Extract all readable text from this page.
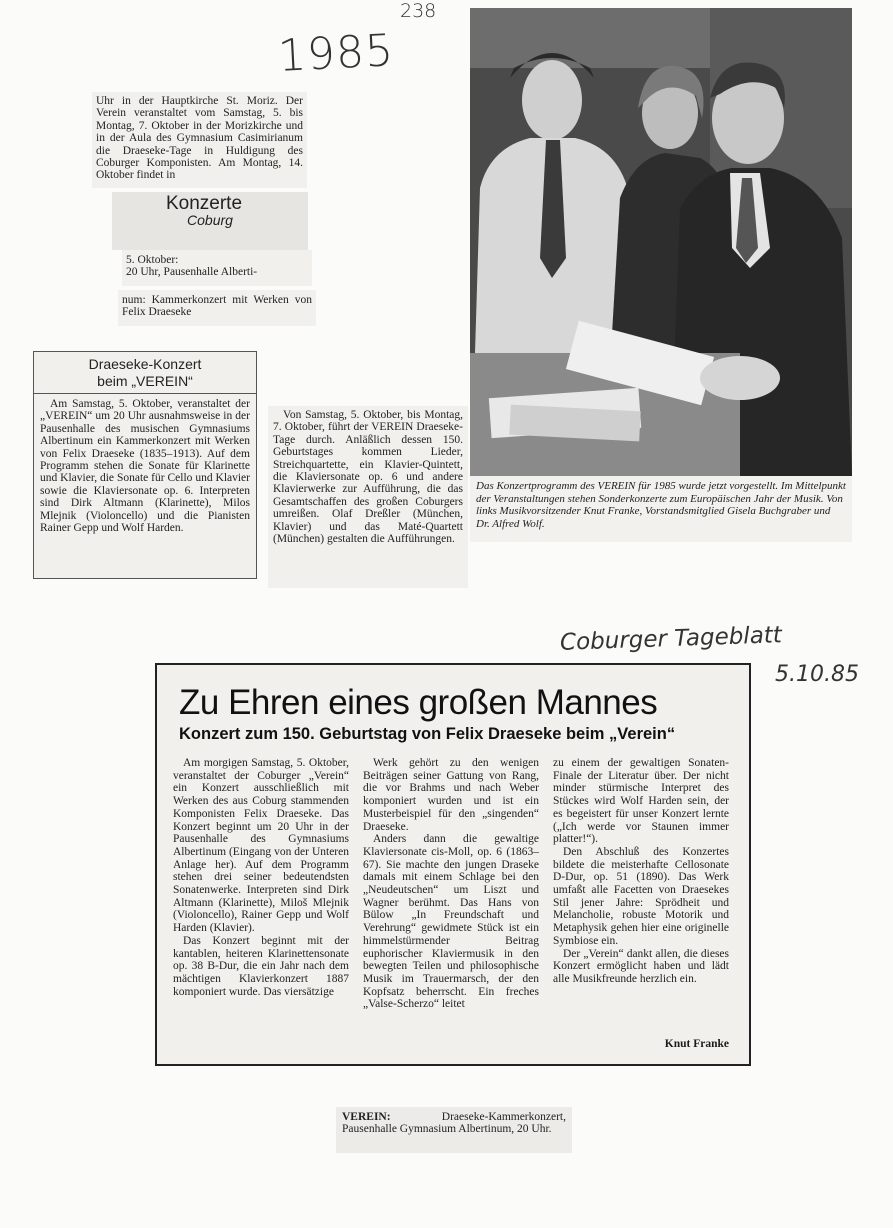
238
1985
Coburger Tageblatt
5.10.85

Uhr in der Hauptkirche St. Moriz. Der Verein veranstaltet vom Samstag, 5. bis Montag, 7. Oktober in der Morizkirche und in der Aula des Gymnasium Casimirianum die Draeseke-Tage in Huldigung des Coburger Komponisten. Am Montag, 14. Oktober findet in

Konzerte
Coburg
5. Oktober:
20 Uhr, Pausenhalle Alberti-

num: Kammerkonzert mit Werken von Felix Draeseke

Draeseke-Konzert
beim „VEREIN“

Am Samstag, 5. Oktober, veranstaltet der „VEREIN“ um 20 Uhr ausnahmsweise in der Pausenhalle des musischen Gymnasiums Albertinum ein Kammerkonzert mit Werken von Felix Draeseke (1835–1913). Auf dem Programm stehen die Sonate für Klarinette und Klavier, die Sonate für Cello und Klavier sowie die Klaviersonate op. 6. Interpreten sind Dirk Altmann (Klarinette), Milos Mlejnik (Violoncello) und die Pianisten Rainer Gepp und Wolf Harden.

Von Samstag, 5. Oktober, bis Montag, 7. Oktober, führt der VEREIN Draeseke-Tage durch. Anläßlich dessen 150. Geburtstages kommen Lieder, Streichquartette, ein Klavier-Quintett, die Klaviersonate op. 6 und andere Klavierwerke zur Aufführung, die das Gesamtschaffen des großen Coburgers umreißen. Olaf Dreßler (München, Klavier) und das Maté-Quartett (München) gestalten die Aufführungen.

Das Konzertprogramm des VEREIN für 1985 wurde jetzt vorgestellt. Im Mittelpunkt der Veranstaltungen stehen Sonderkonzerte zum Europäischen Jahr der Musik. Von links Musikvorsitzender Knut Franke, Vorstandsmitglied Gisela Buchgraber und Dr. Alfred Wolf.

Zu Ehren eines großen Mannes
Konzert zum 150. Geburtstag von Felix Draeseke beim „Verein“

Am morgigen Samstag, 5. Oktober, veranstaltet der Coburger „Verein“ ein Konzert ausschließlich mit Werken des aus Coburg stammenden Komponisten Felix Draeseke. Das Konzert beginnt um 20 Uhr in der Pausenhalle des Gymnasiums Albertinum (Eingang von der Unteren Anlage her). Auf dem Programm stehen drei seiner bedeutendsten Sonatenwerke. Interpreten sind Dirk Altmann (Klarinette), Miloš Mlejnik (Violoncello), Rainer Gepp und Wolf Harden (Klavier).

Das Konzert beginnt mit der kantablen, heiteren Klarinettensonate op. 38 B-Dur, die ein Jahr nach dem mächtigen Klavierkonzert 1887 komponiert wurde. Das viersätzige

Werk gehört zu den wenigen Beiträgen seiner Gattung von Rang, die vor Brahms und nach Weber komponiert wurden und ist ein Musterbeispiel für den „singenden“ Draeseke.

Anders dann die gewaltige Klaviersonate cis-Moll, op. 6 (1863–67). Sie machte den jungen Draseke damals mit einem Schlage bei den „Neudeutschen“ um Liszt und Wagner berühmt. Das Hans von Bülow „In Freundschaft und Verehrung“ gewidmete Stück ist ein himmelstürmender Beitrag euphorischer Klaviermusik in den bewegten Teilen und philosophische Musik im Trauermarsch, der den Kopfsatz beherrscht. Ein freches „Valse-Scherzo“ leitet

zu einem der gewaltigen Sonaten-Finale der Literatur über. Der nicht minder stürmische Interpret des Stückes wird Wolf Harden sein, der es begeistert für unser Konzert lernte („Ich werde vor Staunen immer platter!“).

Den Abschluß des Konzertes bildete die meisterhafte Cellosonate D-Dur, op. 51 (1890). Das Werk umfaßt alle Facetten von Draesekes Stil jener Jahre: Sprödheit und Melancholie, robuste Motorik und Metaphysik gehen hier eine originelle Symbiose ein.

Der „Verein“ dankt allen, die dieses Konzert ermöglicht haben und lädt alle Musikfreunde herzlich ein.

Knut Franke

VEREIN:	Draeseke-Kammerkonzert, Pausenhalle Gymnasium Albertinum, 20 Uhr.
